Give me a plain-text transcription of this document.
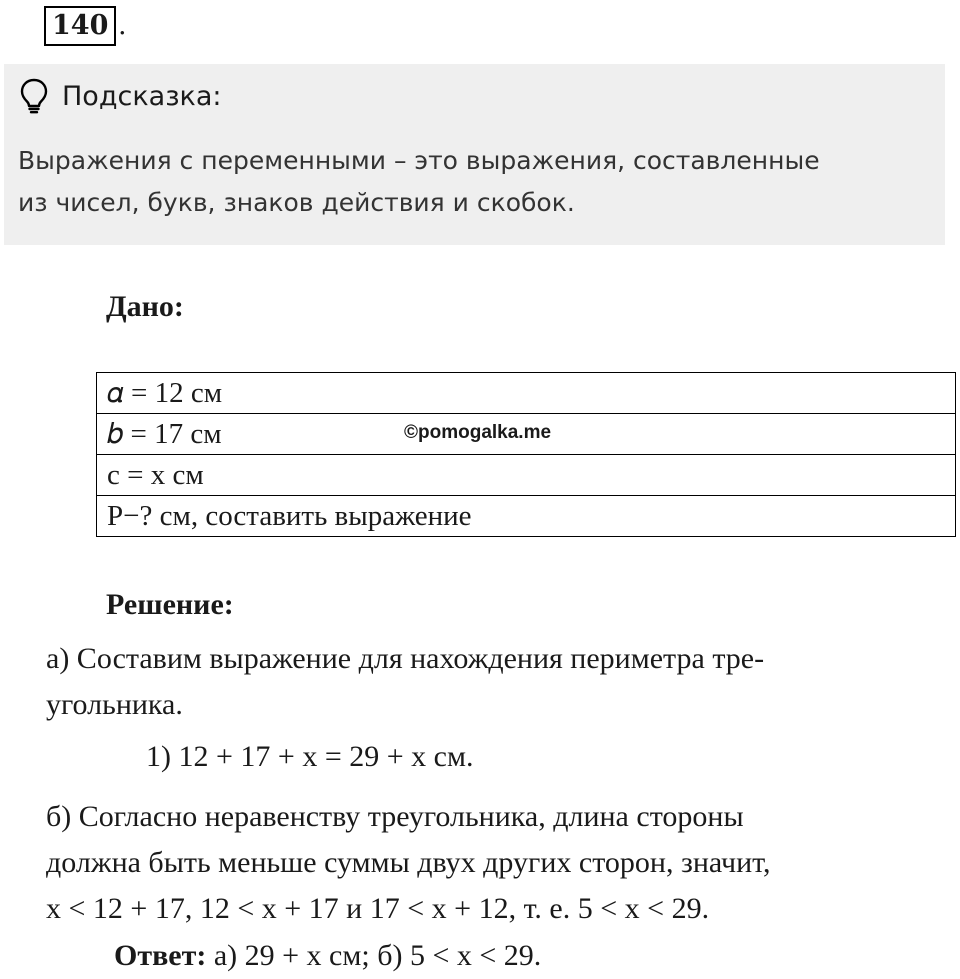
140 .
Подсказка:
Выражения с переменными – это выражения, составленные
из чисел, букв, знаков действия и скобок.
Дано:
𝛼 = 12 см
𝑏 = 17 см
c = x см
P−? см, составить выражение
©pomogalka.me
Решение:
а) Составим выражение для нахождения периметра тре-
угольника.
1) 12 + 17 + x = 29 + x см.
б) Согласно неравенству треугольника, длина стороны
должна быть меньше суммы двух других сторон, значит,
x < 12 + 17, 12 < x + 17 и 17 < x + 12, т. е. 5 < x < 29.
Ответ: а) 29 + x см; б) 5 < x < 29.
